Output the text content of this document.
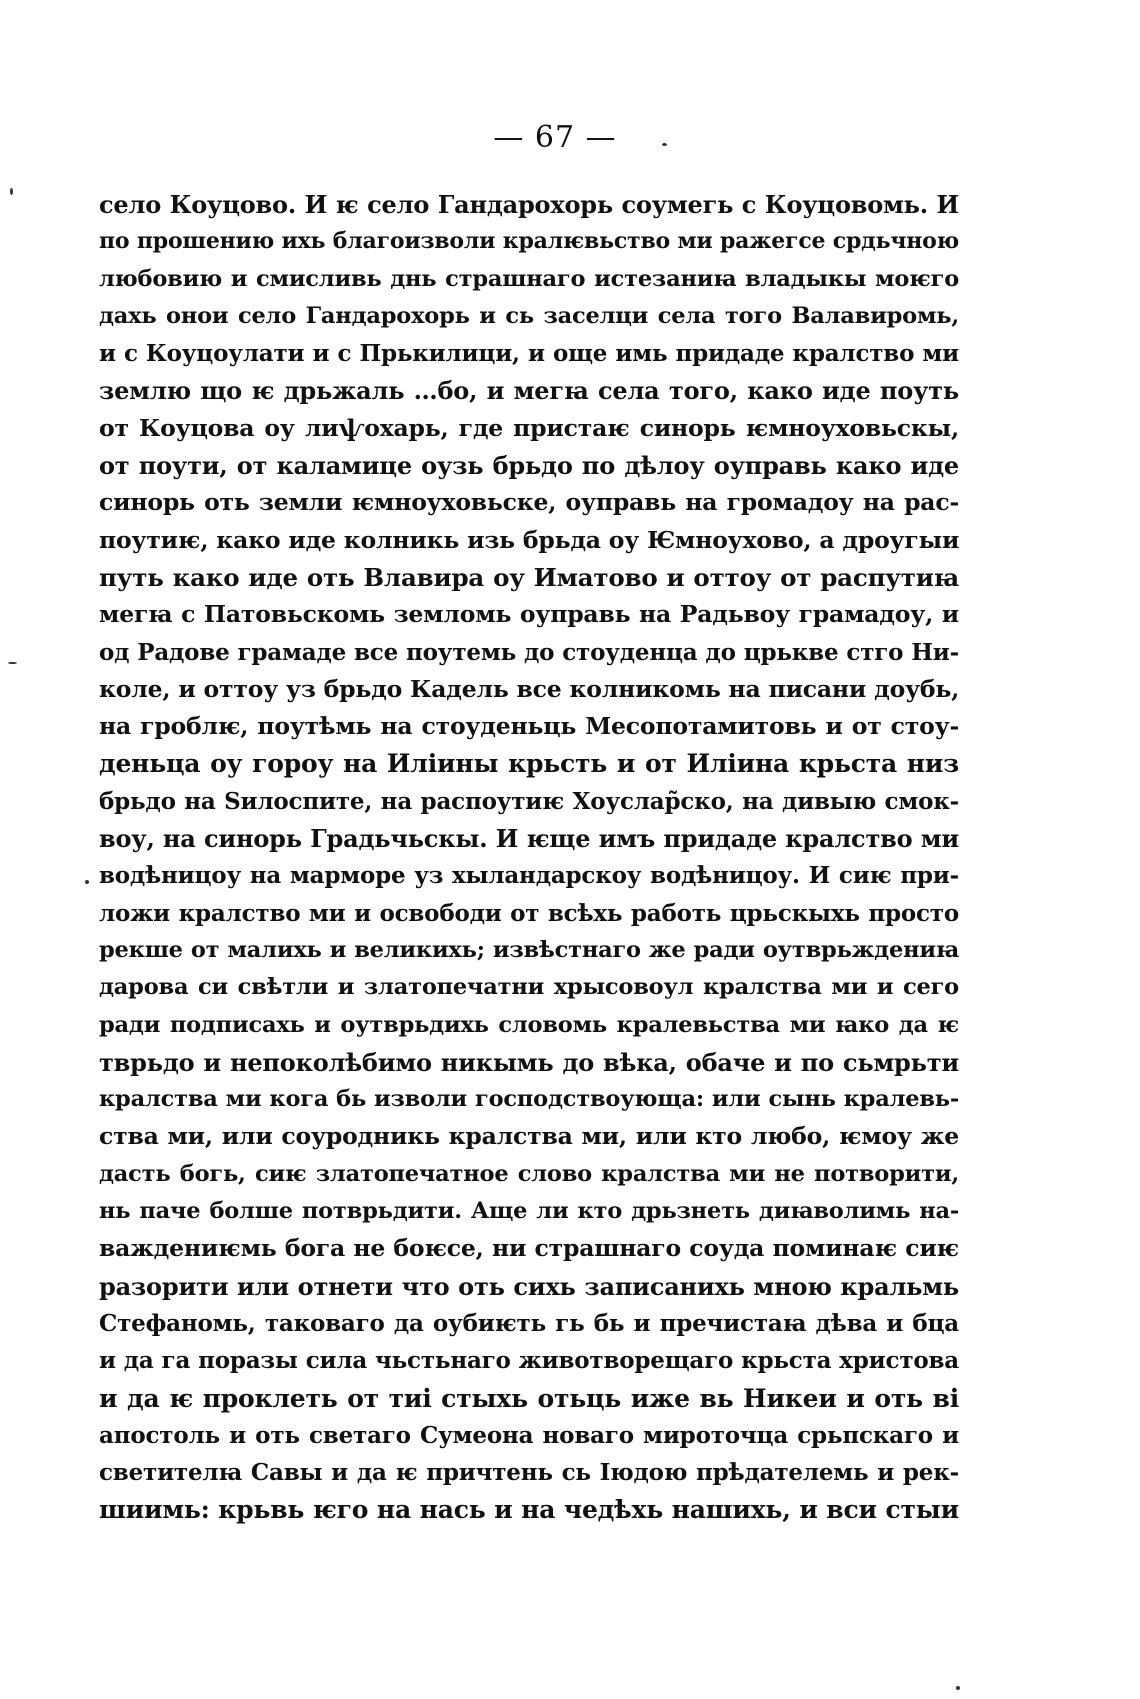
— 67 —
село Коуцово. И ѥ село Гандарохорь соумегь с Коуцовомь. И
по прошению ихь благоизволи кралѥвьство ми ражегсе срдьчною
любовию и смисливь днь страшнаго истезаниꙗ владыкы моѥго
дахь онои село Гандарохорь и сь заселци села того Валавиромь,
и с Коуцоулати и с Прькилици, и още имь придаде кралство ми
землю що ѥ дрьжаль …бо, и мегꙗ села того, како иде поуть
от Коуцова оу лиѱохарь, где пристаѥ синорь ѥмноуховьскы,
от поути, от каламице оузь брьдо по дѣлоу оуправь како иде
синорь оть земли ѥмноуховьске, оуправь на громадоу на рас-
поутиѥ, како иде колникь изь брьда оу Ѥмноухово, а дроугыи
путь како иде оть Влавира оу Иматово и оттоу от распутиꙗ
мегꙗ с Патовьскомь земломь оуправь на Радьвоу грамадоу, и
од Радове грамаде все поутемь до стоуденца до црькве стго Ни-
коле, и оттоу уз брьдо Кадель все колникомь на писани доубь,
на гроблѥ, поутѣмь на стоуденьць Месопотамитовь и от стоу-
деньца оу гороу на Илiины крьсть и от Илiина крьста низ
брьдо на Ѕилоспите, на распоутиѥ Хоуслар̃ско, на дивыю смок-
воу, на синорь Градьчьскы. И ѥще имъ придаде кралство ми
водѣницоу на марморе уз хыландарскоу водѣницоу. И сиѥ при-
ложи кралство ми и освободи от всѣхь работь црьскыхь просто
рекше от малихь и великихь; извѣстнаго же ради оутврьждениꙗ
дарова си свѣтли и златопечатни хрысовоул кралства ми и сего
ради подписахь и оутврьдихь словомь кралевьства ми ꙗко да ѥ
тврьдо и непоколѣбимо никымь до вѣка, обаче и по сьмрьти
кралства ми кога бь изволи господствоующа: или сынь кралевь-
ства ми, или соуродникь кралства ми, или кто любо, ѥмоу же
дасть богь, сиѥ златопечатное слово кралства ми не потворити,
нь паче болше потврьдити. Аще ли кто дрьзнеть диꙗволимь на-
важдениѥмь бога не боѥсе, ни страшнаго соуда поминаѥ сиѥ
разорити или отнети что оть сихь записаниxь мною кральмь
Стефаномь, таковаго да оубиѥть гь бь и пречистаꙗ дѣва и бца
и да га поразы сила чьстьнаго животворещаго крьста христова
и да ѥ проклеть от тиі стыхь отьць иже вь Никеи и оть ві
апостоль и оть светаго Сумеона новаго мироточца срьпскаго и
светителꙗ Савы и да ѥ причтень сь Іюдою прѣдателемь и рек-
шиимь: крьвь ѥго на нась и на чедѣхь нашихь, и вси стыи
